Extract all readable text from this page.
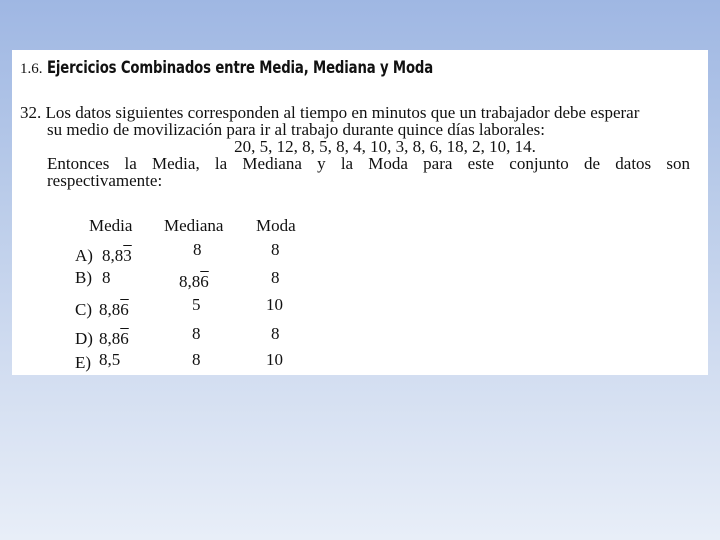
1.6. Ejercicios Combinados entre Media, Mediana y Moda
32. Los datos siguientes corresponden al tiempo en minutos que un trabajador debe esperar
su medio de movilización para ir al trabajo durante quince días laborales:
20, 5, 12, 8, 5, 8, 4, 10, 3, 8, 6, 18, 2, 10, 14.
Entonces la Media, la Mediana y la Moda para este conjunto de datos son
respectivamente:
Media Mediana Moda
A) 8,83	8	8
B) 8	8,86	8
C) 8,86	5	10
D) 8,86	8	8
E) 8,5	8	10
